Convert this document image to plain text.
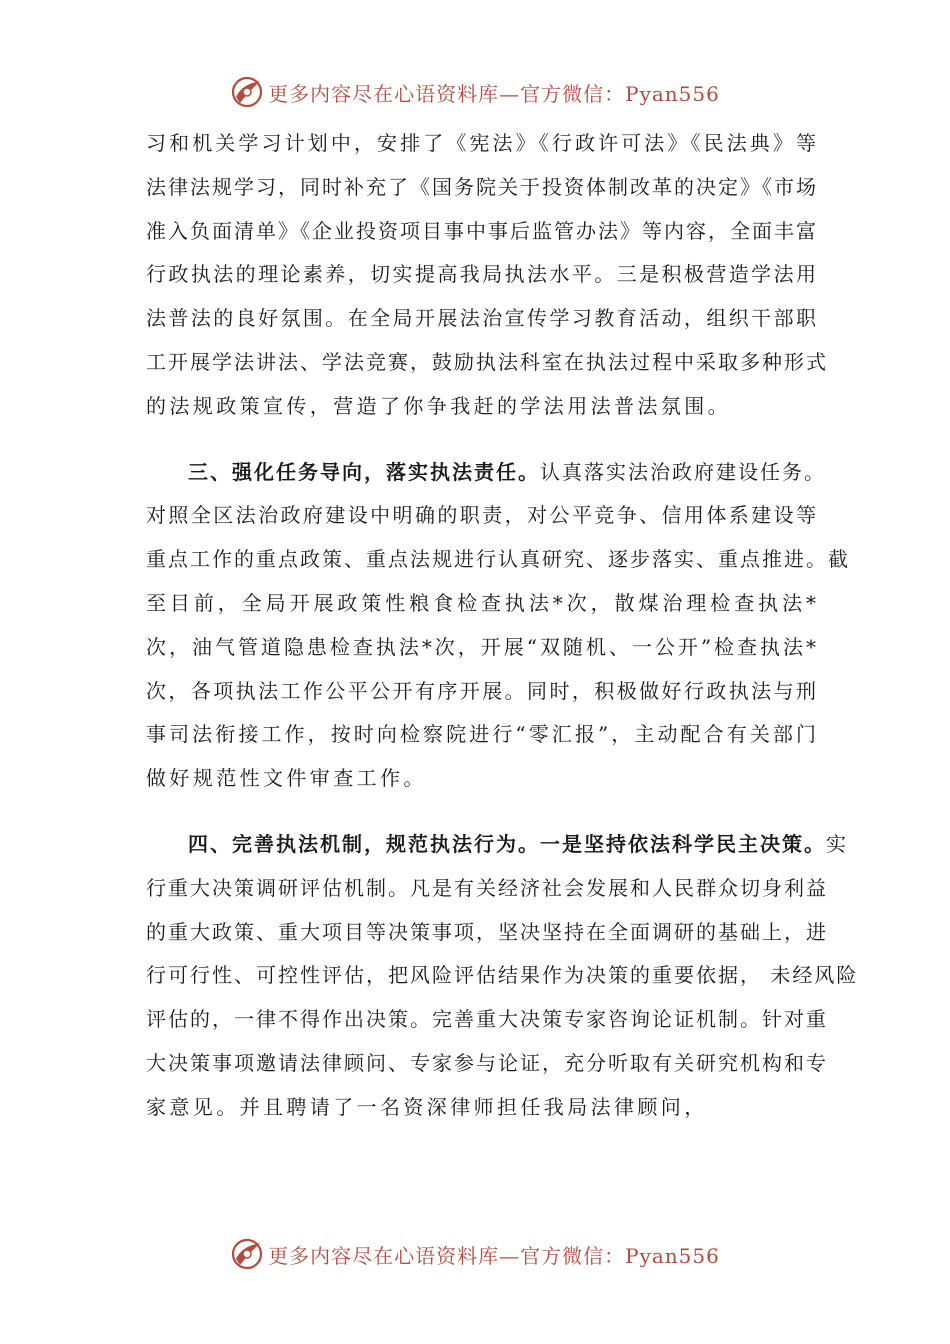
更多内容尽在心语资料库—官方微信：Pyan556
习和机关学习计划中，安排了《宪法》《行政许可法》《民法典》等
法律法规学习，同时补充了《国务院关于投资体制改革的决定》《市场
准入负面清单》《企业投资项目事中事后监管办法》等内容，全面丰富
行政执法的理论素养，切实提高我局执法水平。三是积极营造学法用
法普法的良好氛围。在全局开展法治宣传学习教育活动，组织干部职
工开展学法讲法、学法竞赛，鼓励执法科室在执法过程中采取多种形式
的法规政策宣传，营造了你争我赶的学法用法普法氛围。
三、强化任务导向，落实执法责任。认真落实法治政府建设任务。
对照全区法治政府建设中明确的职责，对公平竞争、信用体系建设等
重点工作的重点政策、重点法规进行认真研究、逐步落实、重点推进。截
至目前，全局开展政策性粮食检查执法*次，散煤治理检查执法*
次，油气管道隐患检查执法*次，开展“双随机、一公开”检查执法*
次，各项执法工作公平公开有序开展。同时，积极做好行政执法与刑
事司法衔接工作，按时向检察院进行“零汇报”，主动配合有关部门
做好规范性文件审查工作。
四、完善执法机制，规范执法行为。一是坚持依法科学民主决策。实
行重大决策调研评估机制。凡是有关经济社会发展和人民群众切身利益
的重大政策、重大项目等决策事项，坚决坚持在全面调研的基础上，进
行可行性、可控性评估，把风险评估结果作为决策的重要依据， 未经风险
评估的，一律不得作出决策。完善重大决策专家咨询论证机制。针对重
大决策事项邀请法律顾问、专家参与论证，充分听取有关研究机构和专
家意见。并且聘请了一名资深律师担任我局法律顾问，
更多内容尽在心语资料库—官方微信：Pyan556
